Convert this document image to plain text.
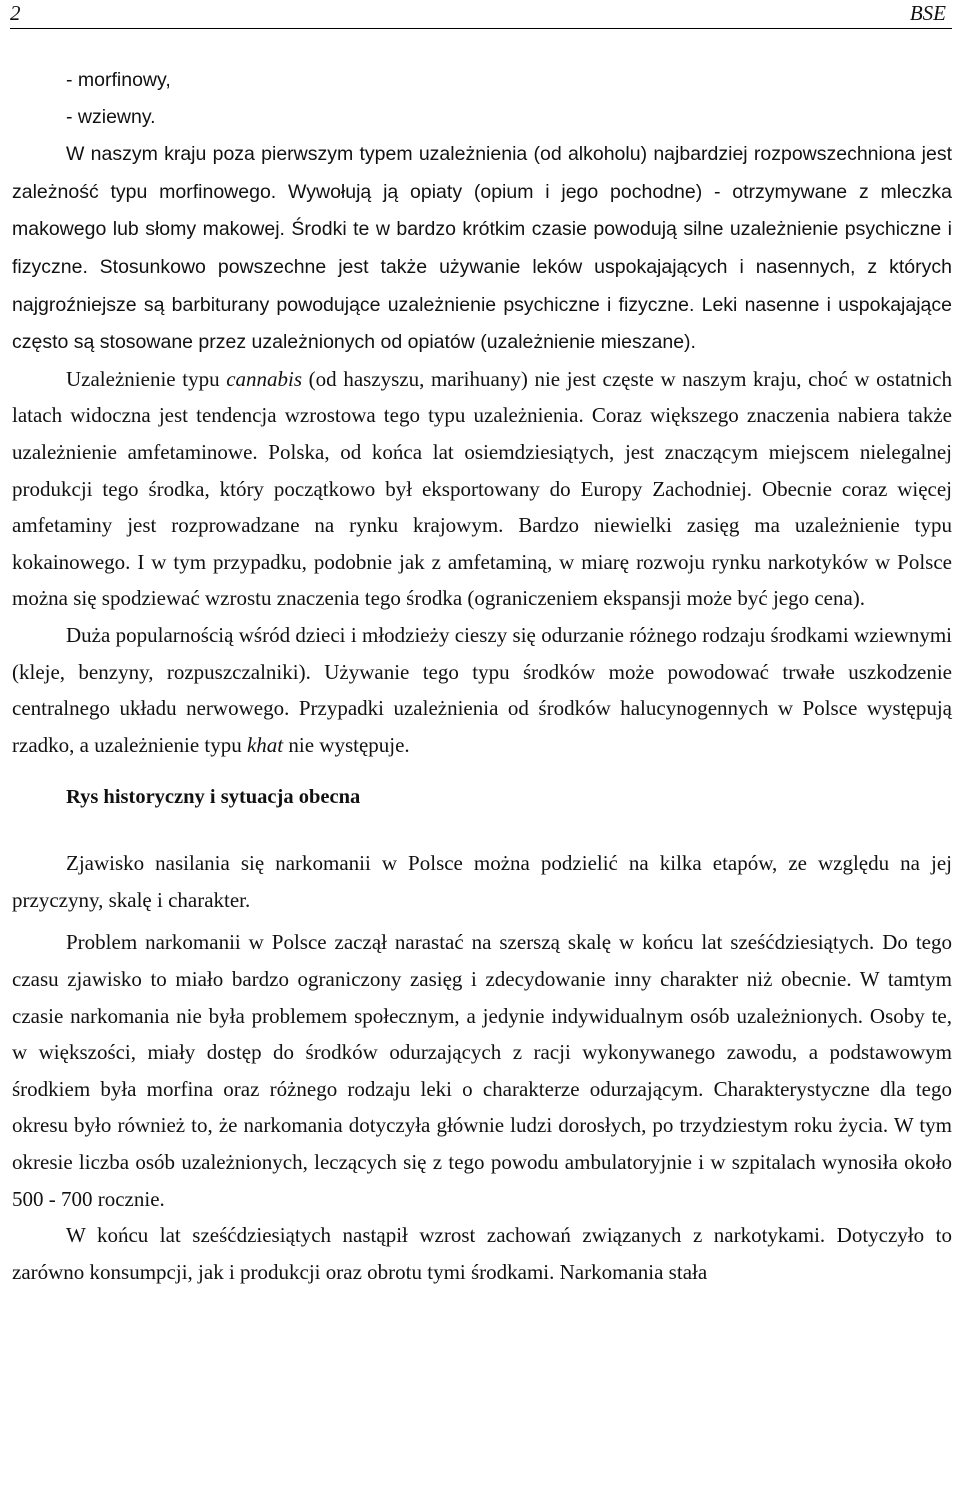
2	BSE
- morfinowy,
- wziewny.

W naszym kraju poza pierwszym typem uzależnienia (od alkoholu) najbardziej rozpowszechniona jest zależność typu morfinowego. Wywołują ją opiaty (opium i jego pochodne) - otrzymywane z mleczka makowego lub słomy makowej. Środki te w bardzo krótkim czasie powodują silne uzależnienie psychiczne i fizyczne. Stosunkowo powszechne jest także używanie leków uspokajających i nasennych, z których najgroźniejsze są barbiturany powodujące uzależnienie psychiczne i fizyczne. Leki nasenne i uspokajające często są stosowane przez uzależnionych od opiatów (uzależnienie mieszane).

Uzależnienie typu cannabis (od haszyszu, marihuany) nie jest częste w naszym kraju, choć w ostatnich latach widoczna jest tendencja wzrostowa tego typu uzależnienia. Coraz większego znaczenia nabiera także uzależnienie amfetaminowe. Polska, od końca lat osiemdziesiątych, jest znaczącym miejscem nielegalnej produkcji tego środka, który początkowo był eksportowany do Europy Zachodniej. Obecnie coraz więcej amfetaminy jest rozprowadzane na rynku krajowym. Bardzo niewielki zasięg ma uzależnienie typu kokainowego. I w tym przypadku, podobnie jak z amfetaminą, w miarę rozwoju rynku narkotyków w Polsce można się spodziewać wzrostu znaczenia tego środka (ograniczeniem ekspansji może być jego cena).

Duża popularnością wśród dzieci i młodzieży cieszy się odurzanie różnego rodzaju środkami wziewnymi (kleje, benzyny, rozpuszczalniki). Używanie tego typu środków może powodować trwałe uszkodzenie centralnego układu nerwowego. Przypadki uzależnienia od środków halucynogennych w Polsce występują rzadko, a uzależnienie typu khat nie występuje.

Rys historyczny i sytuacja obecna

Zjawisko nasilania się narkomanii w Polsce można podzielić na kilka etapów, ze względu na jej przyczyny, skalę i charakter.

Problem narkomanii w Polsce zaczął narastać na szerszą skalę w końcu lat sześćdziesiątych. Do tego czasu zjawisko to miało bardzo ograniczony zasięg i zdecydowanie inny charakter niż obecnie. W tamtym czasie narkomania nie była problemem społecznym, a jedynie indywidualnym osób uzależnionych. Osoby te, w większości, miały dostęp do środków odurzających z racji wykonywanego zawodu, a podstawowym środkiem była morfina oraz różnego rodzaju leki o charakterze odurzającym. Charakterystyczne dla tego okresu było również to, że narkomania dotyczyła głównie ludzi dorosłych, po trzydziestym roku życia. W tym okresie liczba osób uzależnionych, leczących się z tego powodu ambulatoryjnie i w szpitalach wynosiła około 500 - 700 rocznie.

W końcu lat sześćdziesiątych nastąpił wzrost zachowań związanych z narkotykami. Dotyczyło to zarówno konsumpcji, jak i produkcji oraz obrotu tymi środkami. Narkomania stała
